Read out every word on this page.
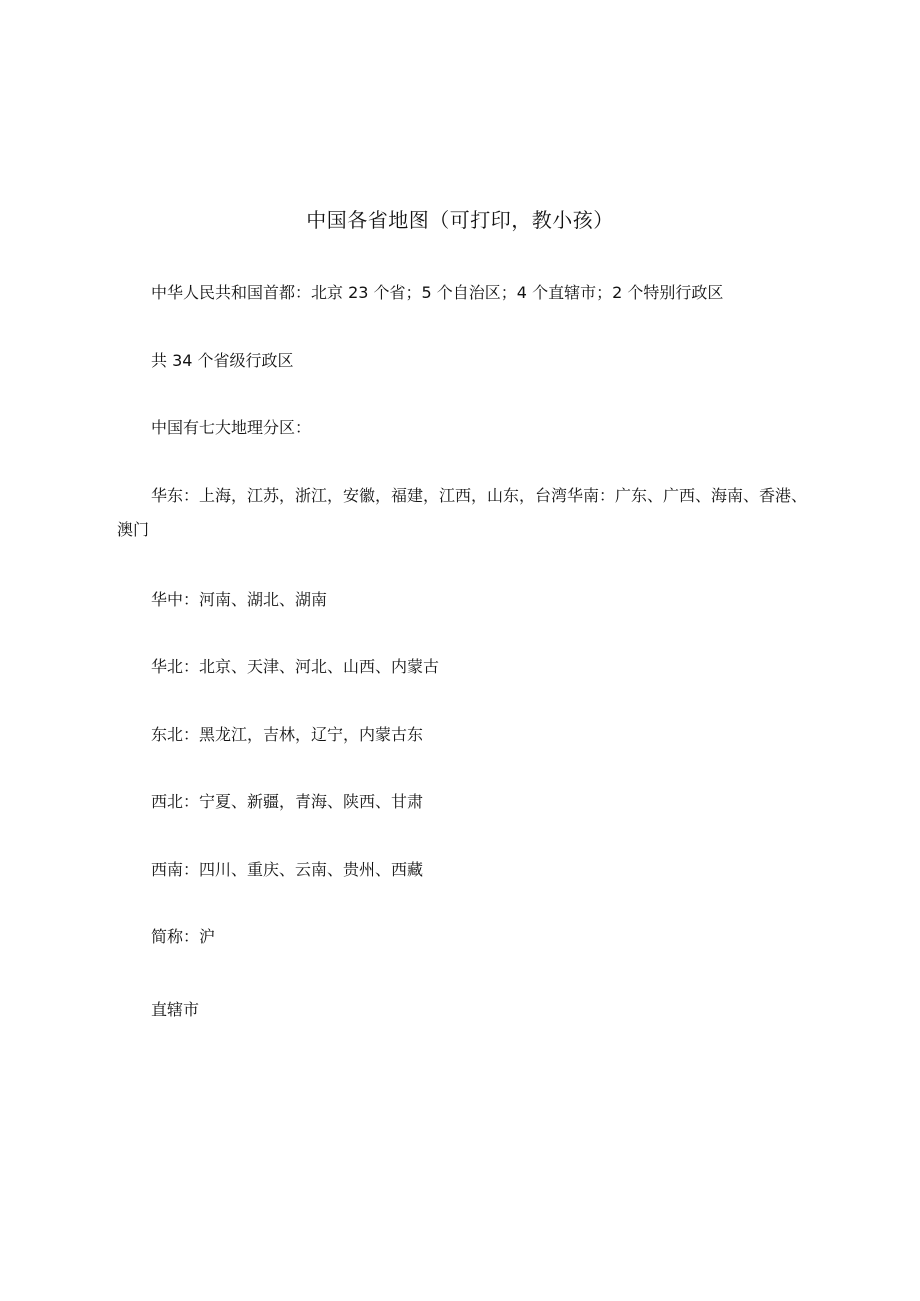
中国各省地图（可打印，教小孩）

中华人民共和国首都：北京 23 个省；5 个自治区；4 个直辖市；2 个特别行政区

共 34 个省级行政区

中国有七大地理分区：

华东：上海，江苏，浙江，安徽，福建，江西，山东，台湾华南：广东、广西、海南、香港、澳门

华中：河南、湖北、湖南

华北：北京、天津、河北、山西、内蒙古

东北：黑龙江，吉林，辽宁，内蒙古东

西北：宁夏、新疆，青海、陕西、甘肃

西南：四川、重庆、云南、贵州、西藏

简称：沪

直辖市
